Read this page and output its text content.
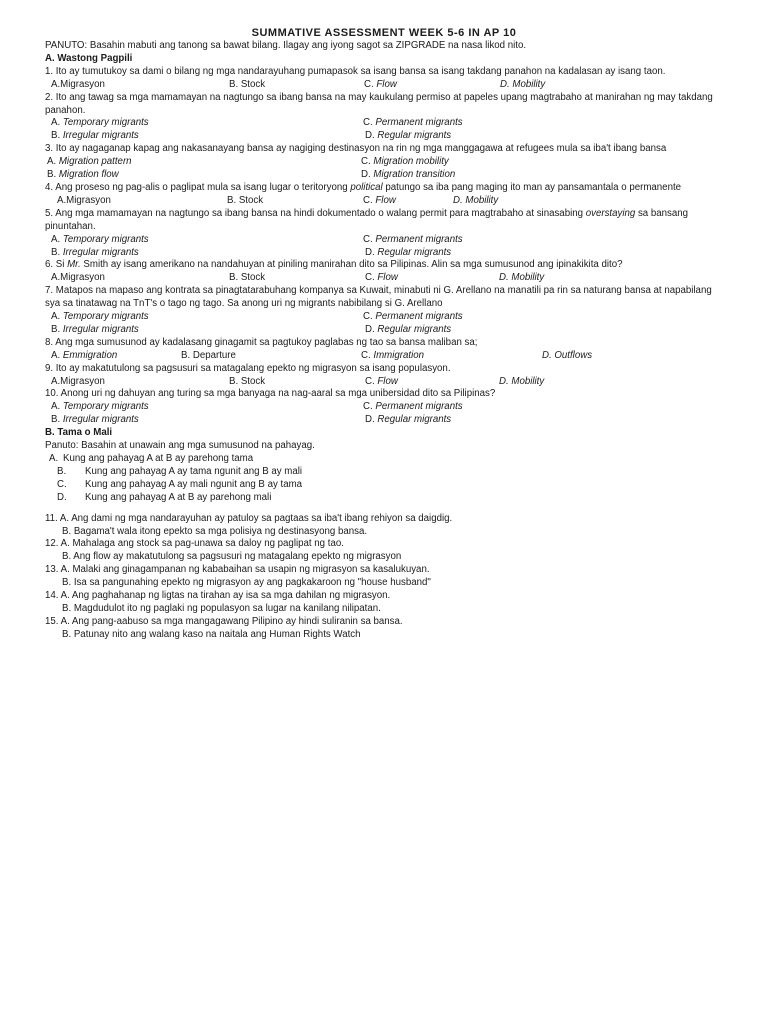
SUMMATIVE ASSESSMENT WEEK 5-6 IN AP 10
PANUTO: Basahin mabuti ang tanong sa bawat bilang. Ilagay ang iyong sagot sa ZIPGRADE na nasa likod nito.
A. Wastong Pagpili
1. Ito ay tumutukoy sa dami o bilang ng mga nandarayuhang pumapasok sa isang bansa sa isang takdang panahon na kadalasan ay isang taon.
A.Migrasyon	B. Stock	C. Flow	D. Mobility
2. Ito ang tawag sa mga mamamayan na nagtungo sa ibang bansa na may kaukulang permiso at papeles upang magtrabaho at manirahan ng may takdang panahon.
A. Temporary migrants	C. Permanent migrants
B. Irregular migrants	D. Regular migrants
3. Ito ay nagaganap kapag ang nakasanayang bansa ay nagiging destinasyon na rin ng mga manggagawa at refugees mula sa iba't ibang bansa
A. Migration pattern	C. Migration mobility
B. Migration flow	D. Migration transition
4. Ang proseso ng pag-alis o paglipat mula sa isang lugar o teritoryong political patungo sa iba pang maging ito man ay pansamantala o permanente
A.Migrasyon	B. Stock	C. Flow	D. Mobility
5. Ang mga mamamayan na nagtungo sa ibang bansa na hindi dokumentado o walang permit para magtrabaho at sinasabing overstaying sa bansang pinuntahan.
A. Temporary migrants	C. Permanent migrants
B. Irregular migrants	D. Regular migrants
6. Si Mr. Smith ay isang amerikano na nandahuyan at piniling manirahan dito sa Pilipinas. Alin sa mga sumusunod ang ipinakikita dito?
A.Migrasyon	B. Stock	C. Flow	D. Mobility
7. Matapos na mapaso ang kontrata sa pinagtatarabuhang kompanya sa Kuwait, minabuti ni G. Arellano na manatili pa rin sa naturang bansa at napabilang sya sa tinatawag na TnT's o tago ng tago. Sa anong uri ng migrants nabibilang si G. Arellano
A. Temporary migrants	C. Permanent migrants
B. Irregular migrants	D. Regular migrants
8. Ang mga sumusunod ay kadalasang ginagamit sa pagtukoy paglabas ng tao sa bansa maliban sa;
A. Emmigration	B. Departure	C. Immigration	D. Outflows
9. Ito ay makatutulong sa pagsusuri sa matagalang epekto ng migrasyon sa isang populasyon.
A.Migrasyon	B. Stock	C. Flow	D. Mobility
10. Anong uri ng dahuyan ang turing sa mga banyaga na nag-aaral sa mga unibersidad dito sa Pilipinas?
A. Temporary migrants	C. Permanent migrants
B. Irregular migrants	D. Regular migrants
B. Tama o Mali
Panuto: Basahin at unawain ang mga sumusunod na pahayag.
A. Kung ang pahayag A at B ay parehong tama
B.	Kung ang pahayag A ay tama ngunit ang B ay mali
C.	Kung ang pahayag A ay mali ngunit ang B ay tama
D.	Kung ang pahayag A at B ay parehong mali
11. A. Ang dami ng mga nandarayuhan ay patuloy sa pagtaas sa iba't ibang rehiyon sa daigdig.
B. Bagama't wala itong epekto sa mga polisiya ng destinasyong bansa.
12. A. Mahalaga ang stock sa pag-unawa sa daloy ng paglipat ng tao.
B. Ang flow ay makatutulong sa pagsusuri ng matagalang epekto ng migrasyon
13. A. Malaki ang ginagampanan ng kababaihan sa usapin ng migrasyon sa kasalukuyan.
B. Isa sa pangunahing epekto ng migrasyon ay ang pagkakaroon ng "house husband"
14. A. Ang paghahanap ng ligtas na tirahan ay isa sa mga dahilan ng migrasyon.
B. Magdudulot ito ng paglaki ng populasyon sa lugar na kanilang nilipatan.
15. A. Ang pang-aabuso sa mga mangagawang Pilipino ay hindi suliranin sa bansa.
B. Patunay nito ang walang kaso na naitala ang Human Rights Watch
